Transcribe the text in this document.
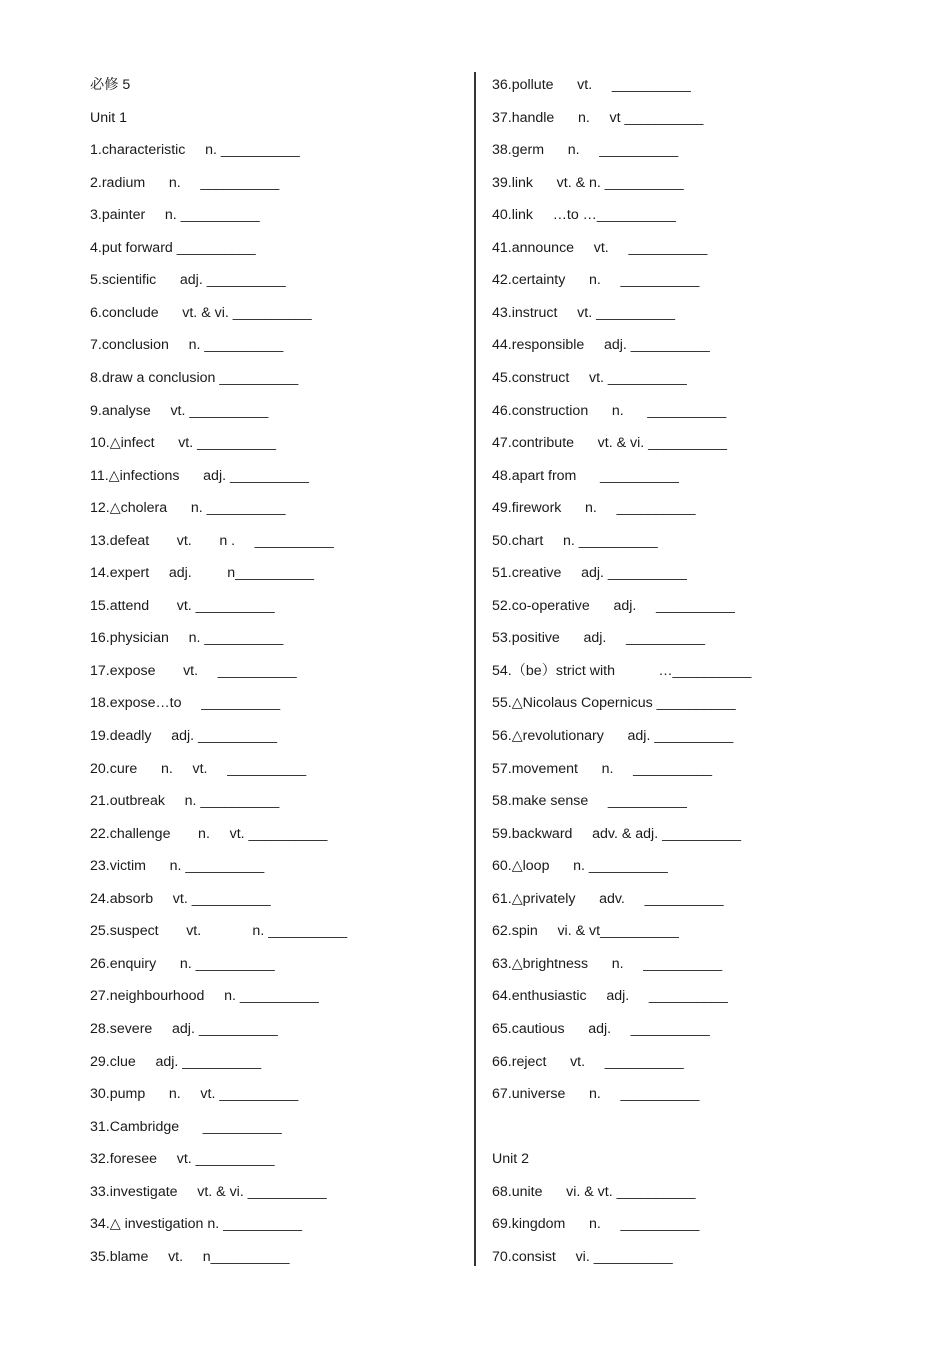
必修 5
Unit 1
1.characteristic     n. __________
2.radium      n.     __________
3.painter     n. __________
4.put forward __________
5.scientific      adj. __________
6.conclude      vt. & vi. __________
7.conclusion     n. __________
8.draw a conclusion __________
9.analyse     vt. __________
10.△infect      vt. __________
11.△infections      adj. __________
12.△cholera      n. __________
13.defeat       vt.       n .     __________
14.expert     adj.         n__________
15.attend       vt. __________
16.physician     n. __________
17.expose       vt.     __________
18.expose…to     __________
19.deadly     adj. __________
20.cure      n.     vt.     __________
21.outbreak     n. __________
22.challenge       n.     vt. __________
23.victim      n. __________
24.absorb     vt. __________
25.suspect       vt.             n. __________
26.enquiry      n. __________
27.neighbourhood     n. __________
28.severe     adj. __________
29.clue     adj. __________
30.pump      n.     vt. __________
31.Cambridge      __________
32.foresee     vt. __________
33.investigate     vt. & vi. __________
34.△ investigation n. __________
35.blame     vt.     n__________
36.pollute      vt.     __________
37.handle      n.     vt __________
38.germ      n.     __________
39.link      vt. & n. __________
40.link     …to …__________
41.announce     vt.     __________
42.certainty      n.     __________
43.instruct     vt. __________
44.responsible     adj. __________
45.construct     vt. __________
46.construction      n.      __________
47.contribute      vt. & vi. __________
48.apart from      __________
49.firework      n.     __________
50.chart     n. __________
51.creative     adj. __________
52.co-operative      adj.     __________
53.positive      adj.     __________
54.（be）strict with           …__________
55.△Nicolaus Copernicus __________
56.△revolutionary      adj. __________
57.movement      n.     __________
58.make sense     __________
59.backward     adv. & adj. __________
60.△loop      n. __________
61.△privately      adv.     __________
62.spin     vi. & vt__________
63.△brightness      n.     __________
64.enthusiastic     adj.     __________
65.cautious      adj.     __________
66.reject      vt.     __________
67.universe      n.     __________
Unit 2
68.unite      vi. & vt. __________
69.kingdom      n.     __________
70.consist     vi. __________
